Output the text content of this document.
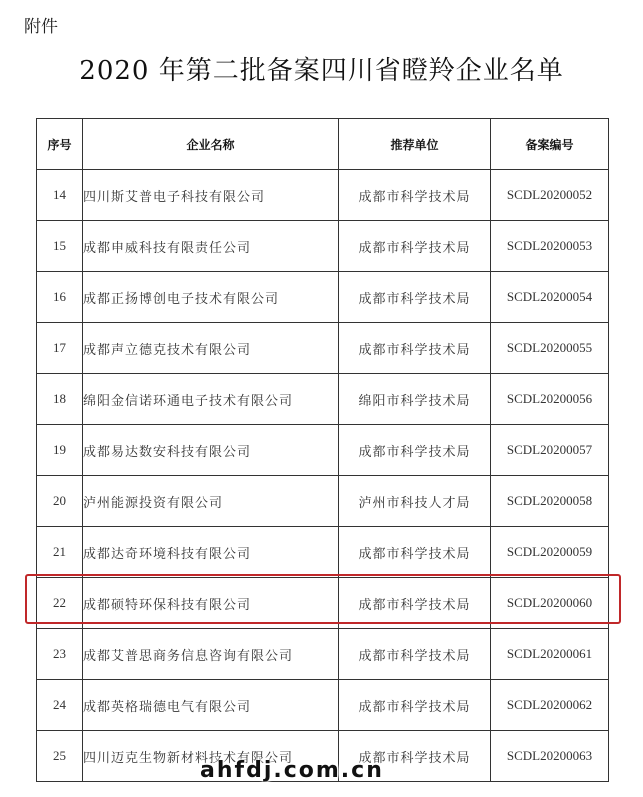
附件
2020 年第二批备案四川省瞪羚企业名单
序号	企业名称	推荐单位	备案编号
14	四川斯艾普电子科技有限公司	成都市科学技术局	SCDL20200052
15	成都申威科技有限责任公司	成都市科学技术局	SCDL20200053
16	成都正扬博创电子技术有限公司	成都市科学技术局	SCDL20200054
17	成都声立德克技术有限公司	成都市科学技术局	SCDL20200055
18	绵阳金信诺环通电子技术有限公司	绵阳市科学技术局	SCDL20200056
19	成都易达数安科技有限公司	成都市科学技术局	SCDL20200057
20	泸州能源投资有限公司	泸州市科技人才局	SCDL20200058
21	成都达奇环境科技有限公司	成都市科学技术局	SCDL20200059
22	成都硕特环保科技有限公司	成都市科学技术局	SCDL20200060
23	成都艾普思商务信息咨询有限公司	成都市科学技术局	SCDL20200061
24	成都英格瑞德电气有限公司	成都市科学技术局	SCDL20200062
25	四川迈克生物新材料技术有限公司	成都市科学技术局	SCDL20200063
ahfdj.com.cn
